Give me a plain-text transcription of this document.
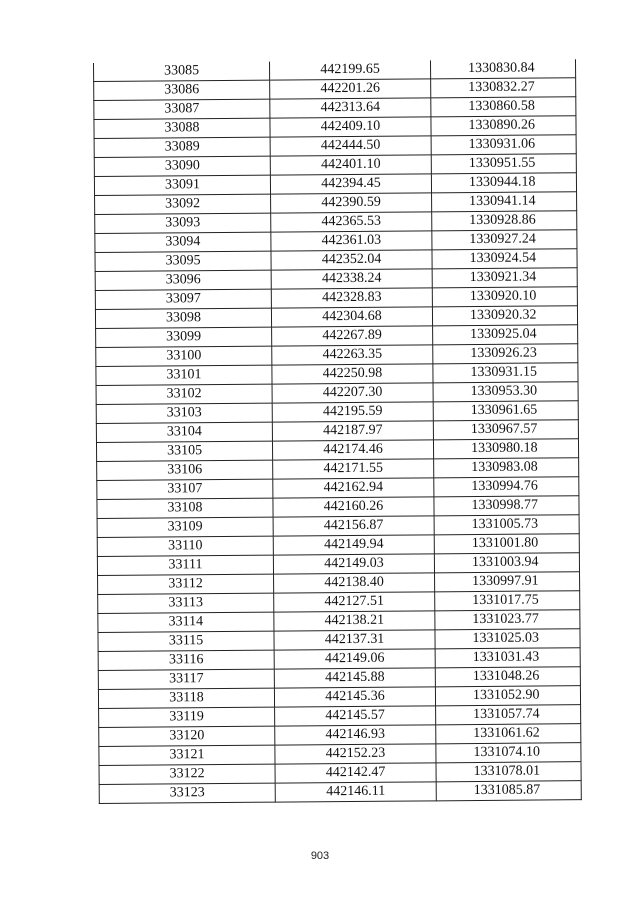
33085	442199.65	1330830.84
33086	442201.26	1330832.27
33087	442313.64	1330860.58
33088	442409.10	1330890.26
33089	442444.50	1330931.06
33090	442401.10	1330951.55
33091	442394.45	1330944.18
33092	442390.59	1330941.14
33093	442365.53	1330928.86
33094	442361.03	1330927.24
33095	442352.04	1330924.54
33096	442338.24	1330921.34
33097	442328.83	1330920.10
33098	442304.68	1330920.32
33099	442267.89	1330925.04
33100	442263.35	1330926.23
33101	442250.98	1330931.15
33102	442207.30	1330953.30
33103	442195.59	1330961.65
33104	442187.97	1330967.57
33105	442174.46	1330980.18
33106	442171.55	1330983.08
33107	442162.94	1330994.76
33108	442160.26	1330998.77
33109	442156.87	1331005.73
33110	442149.94	1331001.80
33111	442149.03	1331003.94
33112	442138.40	1330997.91
33113	442127.51	1331017.75
33114	442138.21	1331023.77
33115	442137.31	1331025.03
33116	442149.06	1331031.43
33117	442145.88	1331048.26
33118	442145.36	1331052.90
33119	442145.57	1331057.74
33120	442146.93	1331061.62
33121	442152.23	1331074.10
33122	442142.47	1331078.01
33123	442146.11	1331085.87
903
